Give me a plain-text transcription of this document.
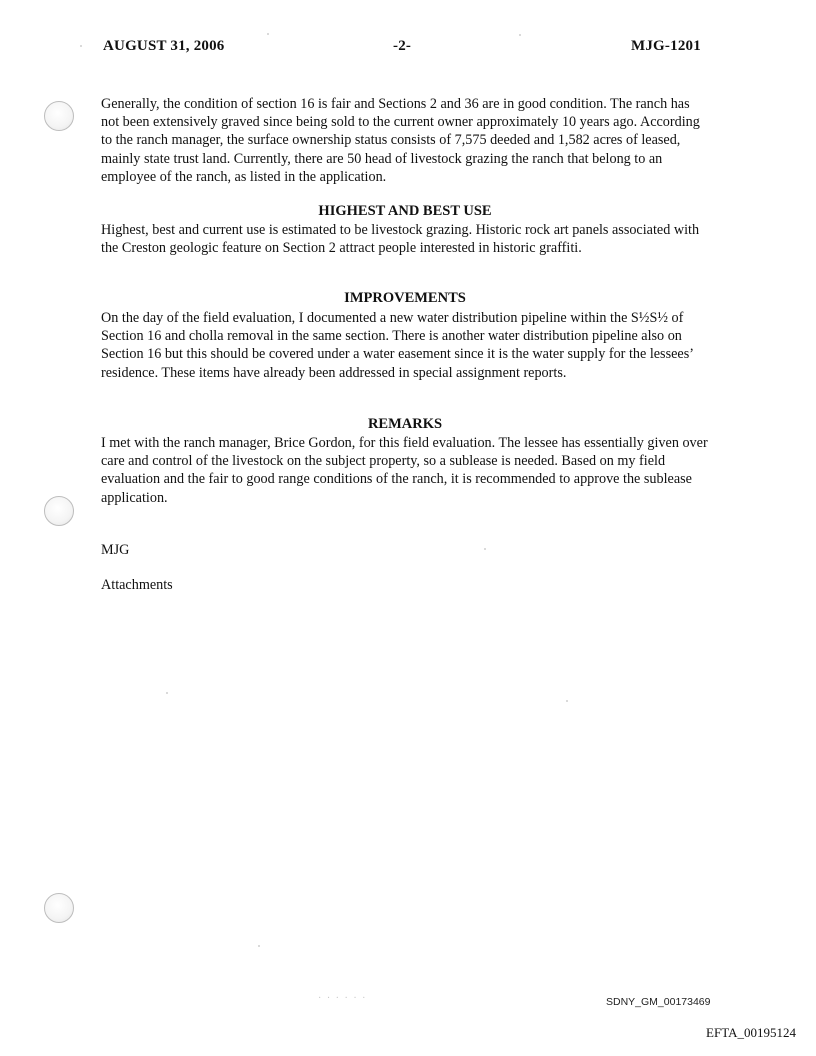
AUGUST 31, 2006	-2-	MJG-1201

Generally, the condition of section 16 is fair and Sections 2 and 36 are in good condition. The ranch has not been extensively graved since being sold to the current owner approximately 10 years ago. According to the ranch manager, the surface ownership status consists of 7,575 deeded and 1,582 acres of leased, mainly state trust land. Currently, there are 50 head of livestock grazing the ranch that belong to an employee of the ranch, as listed in the application.

HIGHEST AND BEST USE

Highest, best and current use is estimated to be livestock grazing. Historic rock art panels associated with the Creston geologic feature on Section 2 attract people interested in historic graffiti.

IMPROVEMENTS

On the day of the field evaluation, I documented a new water distribution pipeline within the S½S½ of Section 16 and cholla removal in the same section. There is another water distribution pipeline also on Section 16 but this should be covered under a water easement since it is the water supply for the lessees’ residence. These items have already been addressed in special assignment reports.

REMARKS

I met with the ranch manager, Brice Gordon, for this field evaluation. The lessee has essentially given over care and control of the livestock on the subject property, so a sublease is needed. Based on my field evaluation and the fair to good range conditions of the ranch, it is recommended to approve the sublease application.

MJG

Attachments

· · · · · ·	SDNY_GM_00173469
EFTA_00195124
